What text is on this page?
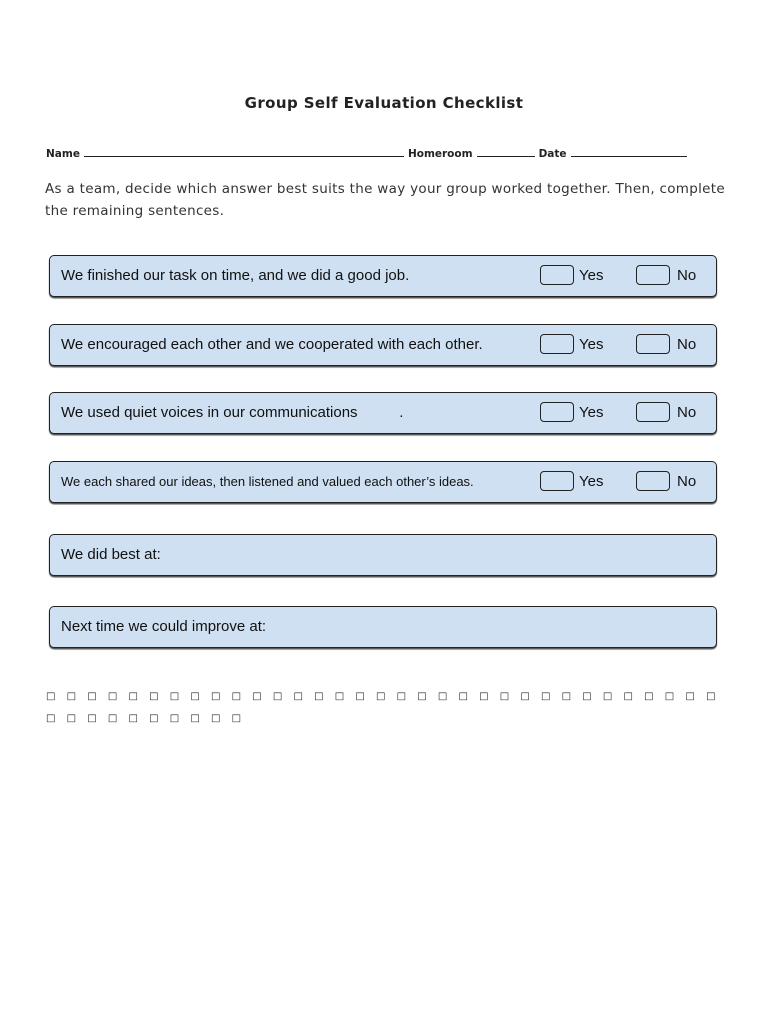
Group Self Evaluation Checklist
Name	Homeroom	Date
As a team, decide which answer best suits the way your group worked together. Then, complete the remaining sentences.
We finished our task on time, and we did a good job.	Yes	No
We encouraged each other and we cooperated with each other.	Yes	No
We used quiet voices in our communications          .	Yes	No
We each shared our ideas, then listened and valued each other’s ideas.	Yes	No
We did best at:
Next time we could improve at:
□ □ □ □ □ □ □ □ □ □ □ □ □ □ □ □ □ □ □ □ □ □ □ □ □ □ □ □ □ □ □ □ □ □ □ □ □ □ □ □ □ □ □
